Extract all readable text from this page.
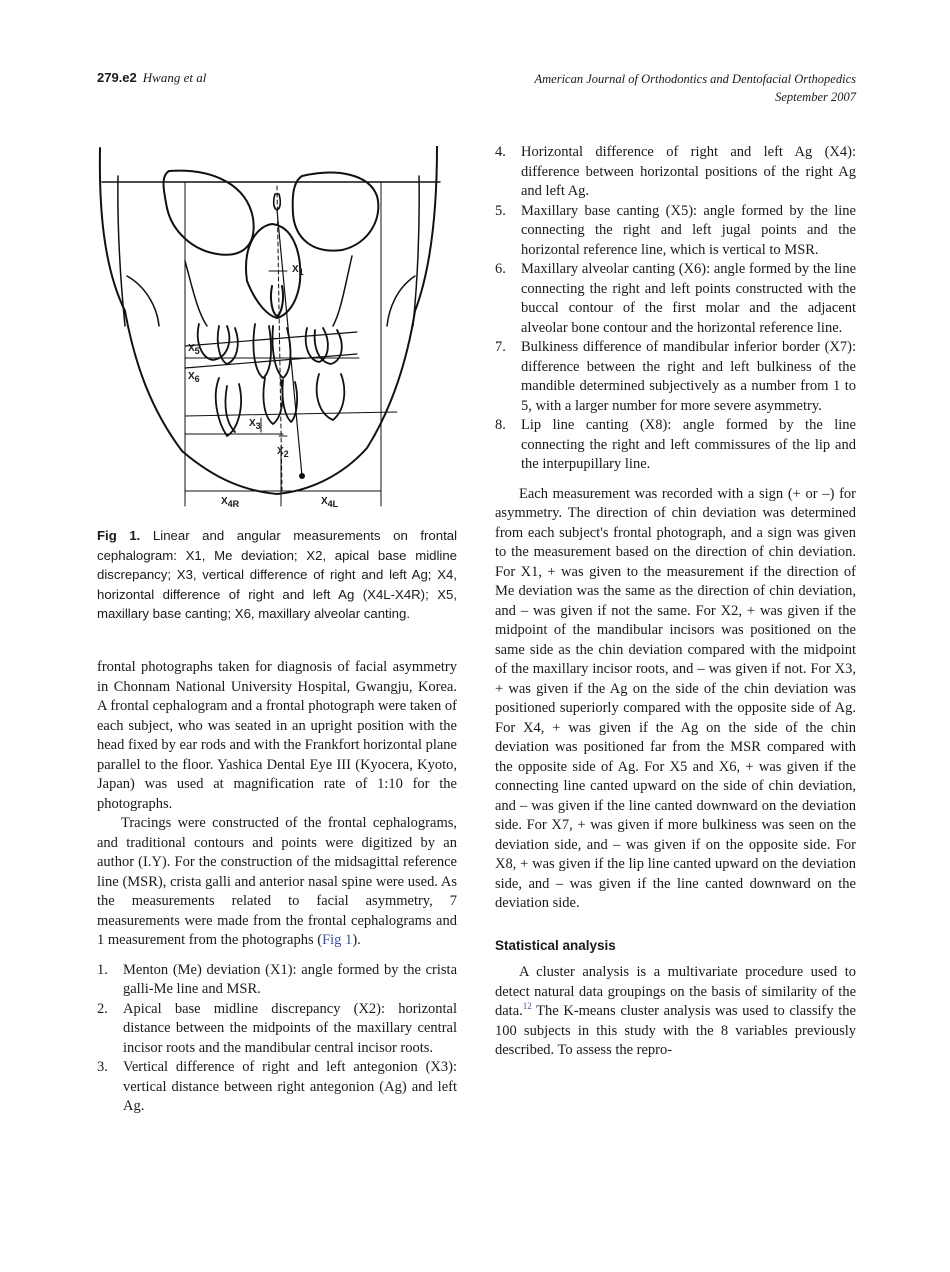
279.e2 Hwang et al	American Journal of Orthodontics and Dentofacial Orthopedics
September 2007
$X_1$
$X_5$
$X_6$
$X_3$
$X_2$
$X_{4R}$	$X_{4L}$
Fig 1. Linear and angular measurements on frontal cephalogram: X1, Me deviation; X2, apical base midline discrepancy; X3, vertical difference of right and left Ag; X4, horizontal difference of right and left Ag (X4L-X4R); X5, maxillary base canting; X6, maxillary alveolar canting.

frontal photographs taken for diagnosis of facial asymmetry in Chonnam National University Hospital, Gwangju, Korea. A frontal cephalogram and a frontal photograph were taken of each subject, who was seated in an upright position with the head fixed by ear rods and with the Frankfort horizontal plane parallel to the floor. Yashica Dental Eye III (Kyocera, Kyoto, Japan) was used at magnification rate of 1:10 for the photographs.

Tracings were constructed of the frontal cephalograms, and traditional contours and points were digitized by an author (I.Y). For the construction of the midsagittal reference line (MSR), crista galli and anterior nasal spine were used. As the measurements related to facial asymmetry, 7 measurements were made from the frontal cephalograms and 1 measurement from the photographs (Fig 1).

1. Menton (Me) deviation (X1): angle formed by the crista galli-Me line and MSR.
2. Apical base midline discrepancy (X2): horizontal distance between the midpoints of the maxillary central incisor roots and the mandibular central incisor roots.
3. Vertical difference of right and left antegonion (X3): vertical distance between right antegonion (Ag) and left Ag.
4. Horizontal difference of right and left Ag (X4): difference between horizontal positions of the right Ag and left Ag.
5. Maxillary base canting (X5): angle formed by the line connecting the right and left jugal points and the horizontal reference line, which is vertical to MSR.
6. Maxillary alveolar canting (X6): angle formed by the line connecting the right and left points constructed with the buccal contour of the first molar and the adjacent alveolar bone contour and the horizontal reference line.
7. Bulkiness difference of mandibular inferior border (X7): difference between the right and left bulkiness of the mandible determined subjectively as a number from 1 to 5, with a larger number for more severe asymmetry.
8. Lip line canting (X8): angle formed by the line connecting the right and left commissures of the lip and the interpupillary line.

Each measurement was recorded with a sign (+ or –) for asymmetry. The direction of chin deviation was determined from each subject's frontal photograph, and a sign was given to the measurement based on the direction of chin deviation. For X1, + was given to the measurement if the direction of Me deviation was the same as the direction of chin deviation, and – was given if not the same. For X2, + was given if the midpoint of the mandibular incisors was positioned on the same side as the chin deviation compared with the midpoint of the maxillary incisor roots, and – was given if not. For X3, + was given if the Ag on the side of the chin deviation was positioned superiorly compared with the opposite side of Ag. For X4, + was given if the Ag on the side of the chin deviation was positioned far from the MSR compared with the opposite side of Ag. For X5 and X6, + was given if the connecting line canted upward on the side of chin deviation, and – was given if the line canted downward on the deviation side. For X7, + was given if more bulkiness was seen on the deviation side, and – was given if on the opposite side. For X8, + was given if the lip line canted upward on the deviation side, and – was given if the line canted downward on the deviation side.

Statistical analysis

A cluster analysis is a multivariate procedure used to detect natural data groupings on the basis of similarity of the data.$^{12}$ The K-means cluster analysis was used to classify the 100 subjects in this study with the 8 variables previously described. To assess the repro-
